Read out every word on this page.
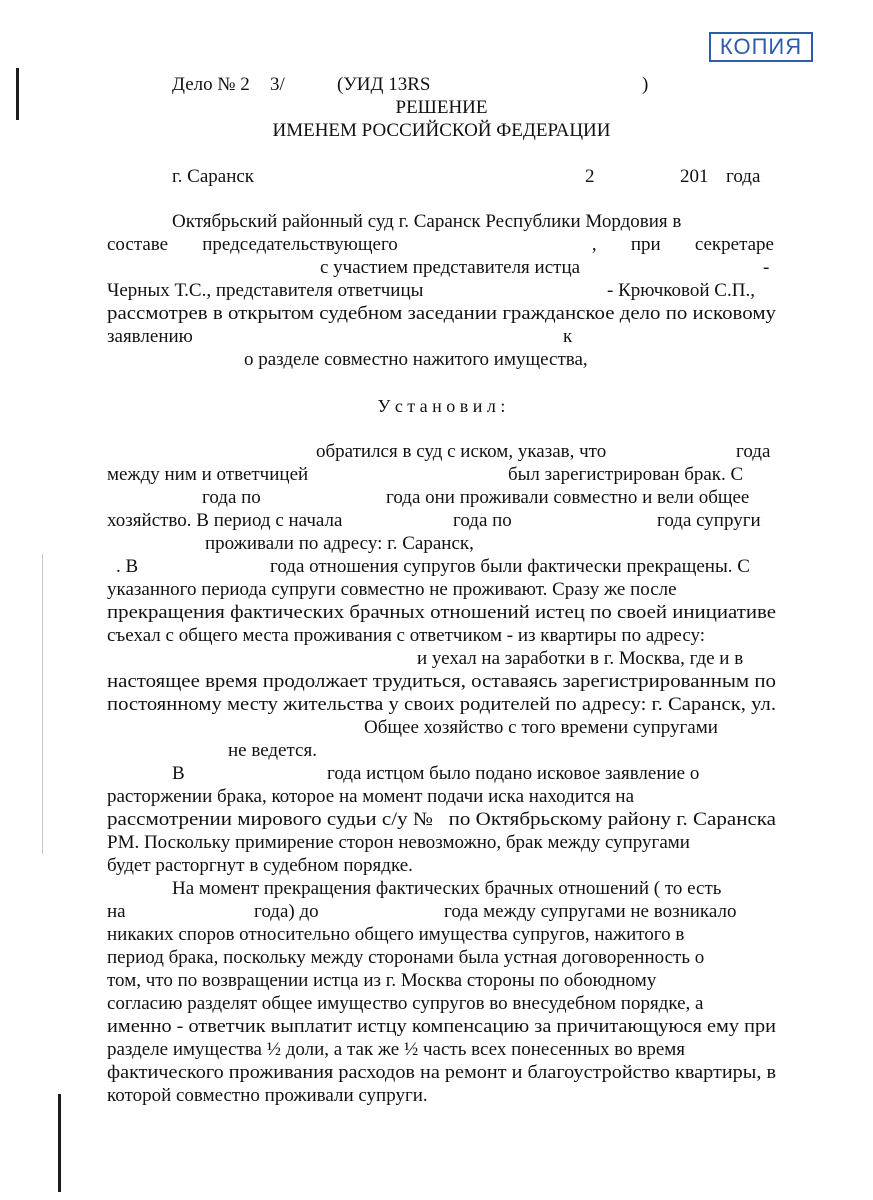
КОПИЯ
Дело № 2 3/	(УИД 13RS	)
РЕШЕНИЕ
ИМЕНЕМ РОССИЙСКОЙ ФЕДЕРАЦИИ
г. Саранск	2	201 года
Октябрьский районный суд г. Саранск Республики Мордовия в
составе председательствующего	, при секретаре
с участием представителя истца	-
Черных Т.С., представителя ответчицы	- Крючковой С.П.,
рассмотрев в открытом судебном заседании гражданское дело по исковому
заявлению	к
о разделе совместно нажитого имущества,
У с т а н о в и л :
обратился в суд с иском, указав, что	года
между ним и ответчицей	был зарегистрирован брак. С
года по	года они проживали совместно и вели общее
хозяйство. В период с начала	года по	года супруги
проживали по адресу: г. Саранск,
. В	года отношения супругов были фактически прекращены. С
указанного периода супруги совместно не проживают. Сразу же после
прекращения фактических брачных отношений истец по своей инициативе
съехал с общего места проживания с ответчиком - из квартиры по адресу:
и уехал на заработки в г. Москва, где и в
настоящее время продолжает трудиться, оставаясь зарегистрированным по
постоянному месту жительства у своих родителей по адресу: г. Саранск, ул.
Общее хозяйство с того времени супругами
не ведется.
В	года истцом было подано исковое заявление о
расторжении брака, которое на момент подачи иска находится на
рассмотрении мирового судьи с/у №   по Октябрьскому району г. Саранска
РМ. Поскольку примирение сторон невозможно, брак между супругами
будет расторгнут в судебном порядке.
На момент прекращения фактических брачных отношений ( то есть
на	года) до	года между супругами не возникало
никаких споров относительно общего имущества супругов, нажитого в
период брака, поскольку между сторонами была устная договоренность о
том, что по возвращении истца из г. Москва стороны по обоюдному
согласию разделят общее имущество супругов во внесудебном порядке, а
именно - ответчик выплатит истцу компенсацию за причитающуюся ему при
разделе имущества ½ доли, а так же ½ часть всех понесенных во время
фактического проживания расходов на ремонт и благоустройство квартиры, в
которой совместно проживали супруги.
